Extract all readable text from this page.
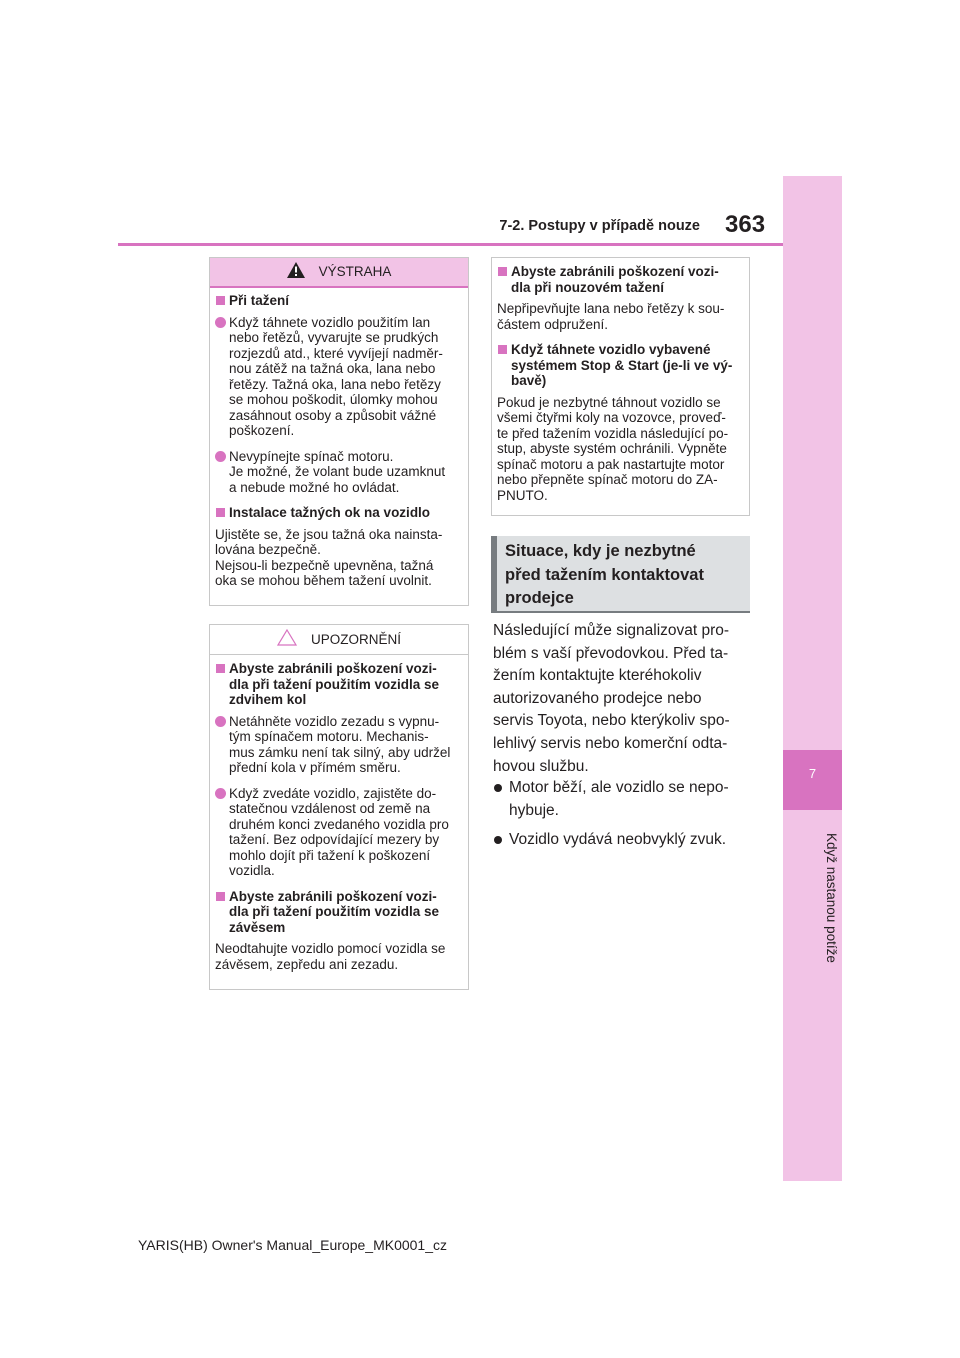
7
Když nastanou potíže
7-2. Postupy v případě nouze 363
VÝSTRAHA
Při tažení
Když táhnete vozidlo použitím lan
nebo řetězů, vyvarujte se prudkých
rozjezdů atd., které vyvíjejí nadměr-
nou zátěž na tažná oka, lana nebo
řetězy. Tažná oka, lana nebo řetězy
se mohou poškodit, úlomky mohou
zasáhnout osoby a způsobit vážné
poškození.
Nevypínejte spínač motoru.
Je možné, že volant bude uzamknut
a nebude možné ho ovládat.
Instalace tažných ok na vozidlo
Ujistěte se, že jsou tažná oka nainsta-
lována bezpečně.
Nejsou-li bezpečně upevněna, tažná
oka se mohou během tažení uvolnit.
UPOZORNĚNÍ
Abyste zabránili poškození vozi-
dla při tažení použitím vozidla se
zdvihem kol
Netáhněte vozidlo zezadu s vypnu-
tým spínačem motoru. Mechanis-
mus zámku není tak silný, aby udržel
přední kola v přímém směru.
Když zvedáte vozidlo, zajistěte do-
statečnou vzdálenost od země na
druhém konci zvedaného vozidla pro
tažení. Bez odpovídající mezery by
mohlo dojít při tažení k poškození
vozidla.
Abyste zabránili poškození vozi-
dla při tažení použitím vozidla se
závěsem
Neodtahujte vozidlo pomocí vozidla se
závěsem, zepředu ani zezadu.
Abyste zabránili poškození vozi-
dla při nouzovém tažení
Nepřipevňujte lana nebo řetězy k sou-
částem odpružení.
Když táhnete vozidlo vybavené
systémem Stop & Start (je-li ve vý-
bavě)
Pokud je nezbytné táhnout vozidlo se
všemi čtyřmi koly na vozovce, proveď-
te před tažením vozidla následující po-
stup, abyste systém ochránili. Vypněte
spínač motoru a pak nastartujte motor
nebo přepněte spínač motoru do ZA-
PNUTO.
Situace, kdy je nezbytné
před tažením kontaktovat
prodejce
Následující může signalizovat pro-
blém s vaší převodovkou. Před ta-
žením kontaktujte kteréhokoliv
autorizovaného prodejce nebo
servis Toyota, nebo kterýkoliv spo-
lehlivý servis nebo komerční odta-
hovou službu.
Motor běží, ale vozidlo se nepo-
hybuje.
Vozidlo vydává neobvyklý zvuk.
YARIS(HB) Owner's Manual_Europe_MK0001_cz
